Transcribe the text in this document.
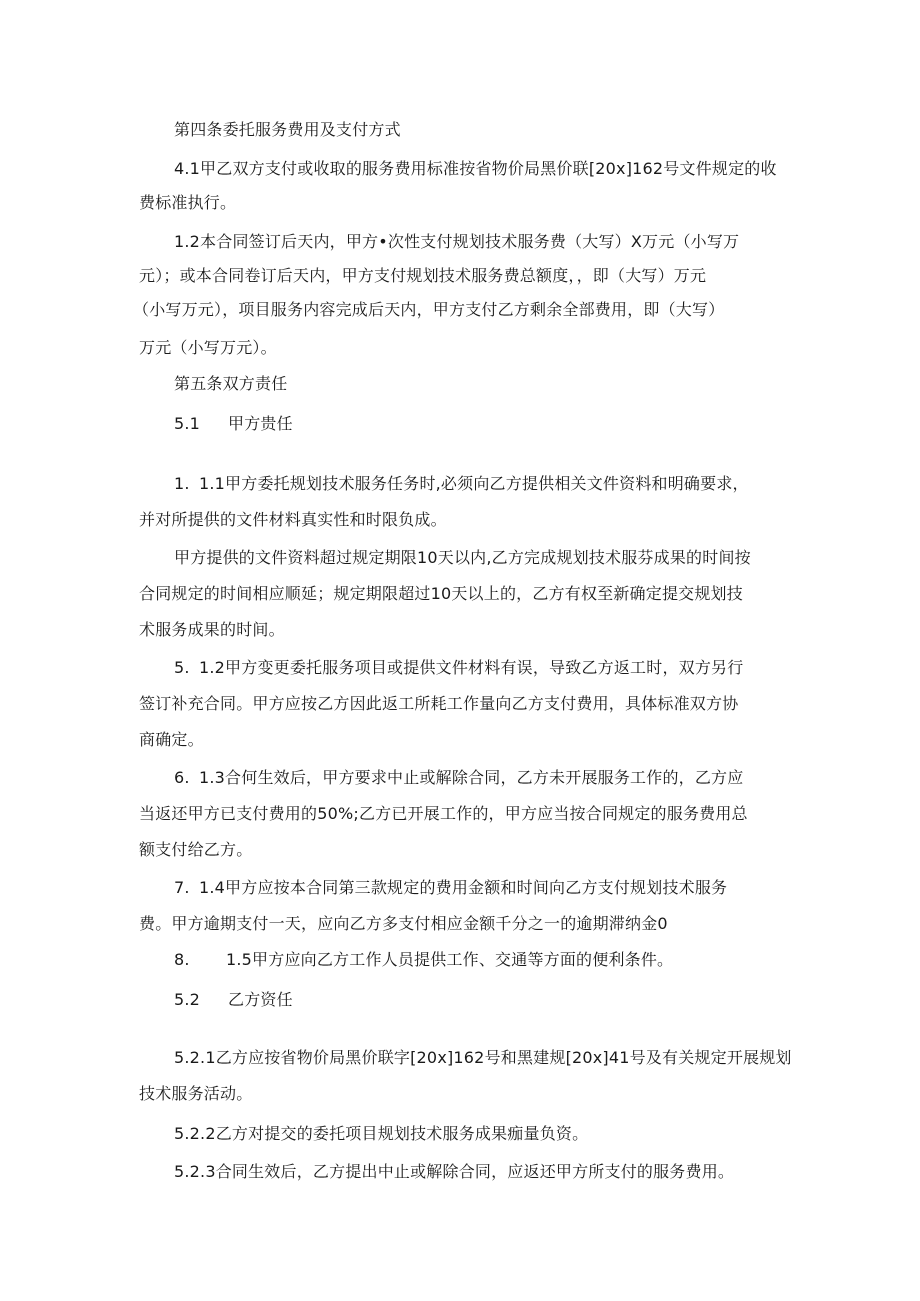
第四条委托服务费用及支付方式
4.1甲乙双方支付或收取的服务费用标准按省物价局黑价联[20x]162号文件规定的收
费标准执行。
1.2本合同签订后天内，甲方•次性支付规划技术服务费（大写）X万元（小写万
元）；或本合同卷订后天内，甲方支付规划技术服务费总额度，，即（大写）万元
（小写万元），项目服务内容完成后天内，甲方支付乙方剩余全部费用，即（大写）
万元（小写万元）。
第五条双方责任
5.1 甲方贵任
1. 1.1甲方委托规划技术服务任务时,必须向乙方提供相关文件资料和明确要求，
并对所提供的文件材料真实性和时限负成。
甲方提供的文件资料超过规定期限10天以内,乙方完成规划技术服芬成果的时间按
合同规定的时间相应顺延；规定期限超过10天以上的，乙方有权至新确定提交规划技
术服务成果的时间。
5. 1.2甲方变更委托服务项目或提供文件材料有误，导致乙方返工时，双方另行
签订补充合同。甲方应按乙方因此返工所耗工作量向乙方支付费用，具体标准双方协
商确定。
6. 1.3合何生效后，甲方要求中止或解除合同，乙方未开展服务工作的，乙方应
当返还甲方已支付费用的50%;乙方已开展工作的，甲方应当按合同规定的服务费用总
额支付给乙方。
7. 1.4甲方应按本合同第三款规定的费用金额和时间向乙方支付规划技术服务
费。甲方逾期支付一天，应向乙方多支付相应金额千分之一的逾期滞纳金0
8. 1.5甲方应向乙方工作人员提供工作、交通等方面的便利条件。
5.2 乙方资任
5.2.1乙方应按省物价局黑价联字[20x]162号和黑建规[20x]41号及有关规定开展规划
技术服务活动。
5.2.2乙方对提交的委托项目规划技术服务成果痂量负资。
5.2.3合同生效后，乙方提出中止或解除合同，应返还甲方所支付的服务费用。
